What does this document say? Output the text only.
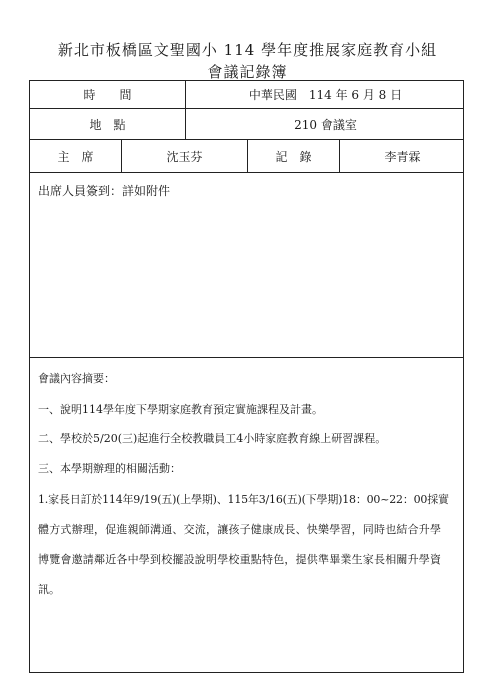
新北市板橋區文聖國小 114 學年度推展家庭教育小組
會議記錄簿
時　　間	中華民國　114 年 6 月 8 日
地　點	210 會議室
主　席	沈玉芬	記　錄	李青霖
出席人員簽到：詳如附件
會議內容摘要：
一、說明114學年度下學期家庭教育預定實施課程及計畫。
二、學校於5/20(三)起進行全校教職員工4小時家庭教育線上研習課程。
三、本學期辦理的相關活動：
1.家長日訂於114年9/19(五)(上學期)、115年3/16(五)(下學期)18：00~22：00採實
體方式辦理，促進親師溝通、交流，讓孩子健康成長、快樂學習，同時也結合升學
博覽會邀請鄰近各中學到校擺設說明學校重點特色，提供準畢業生家長相關升學資
訊。
